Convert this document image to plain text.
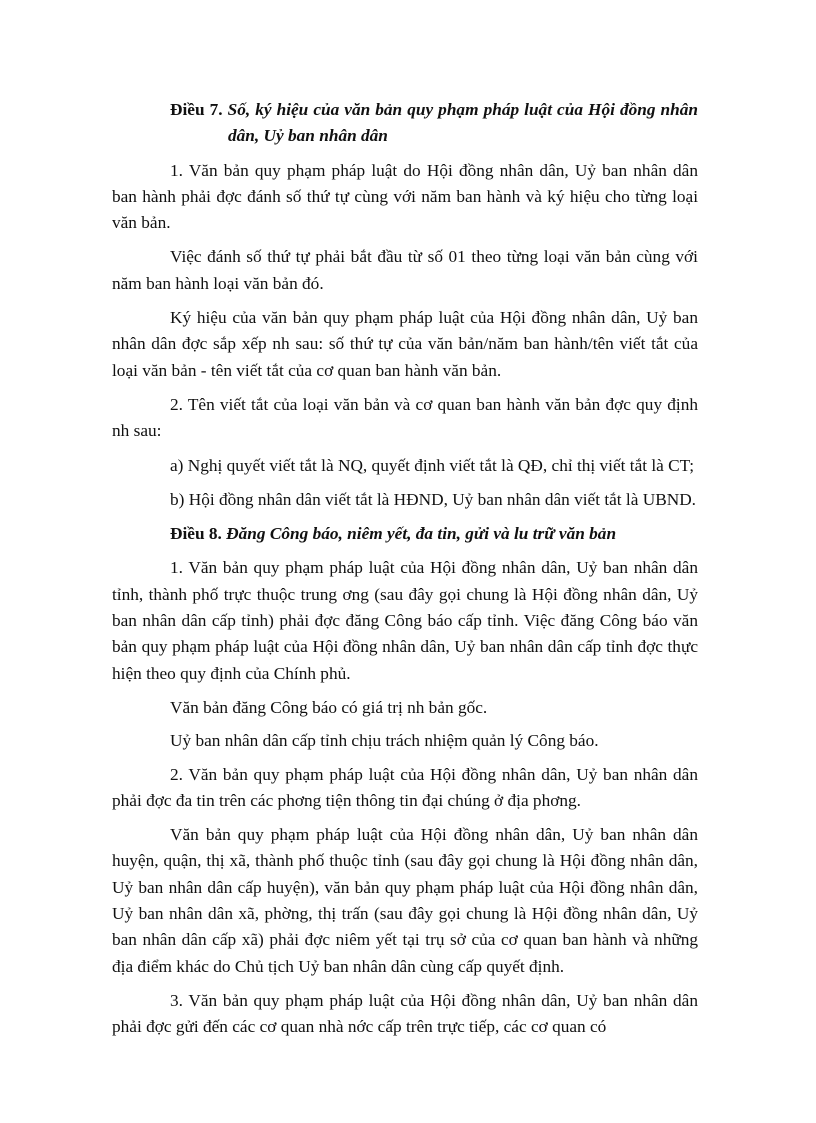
Điều 7. Số, ký hiệu của văn bản quy phạm pháp luật của Hội đồng nhân dân, Uỷ ban nhân dân

1. Văn bản quy phạm pháp luật do Hội đồng nhân dân, Uỷ ban nhân dân ban hành phải đợc đánh số thứ tự cùng với năm ban hành và ký hiệu cho từng loại văn bản.

Việc đánh số thứ tự phải bắt đầu từ số 01 theo từng loại văn bản cùng với năm ban hành loại văn bản đó.

Ký hiệu của văn bản quy phạm pháp luật của Hội đồng nhân dân, Uỷ ban nhân dân đợc sắp xếp nh sau: số thứ tự của văn bản/năm ban hành/tên viết tắt của loại văn bản - tên viết tắt của cơ quan ban hành văn bản.

2. Tên viết tắt của loại văn bản và cơ quan ban hành văn bản đợc quy định nh sau:

a) Nghị quyết viết tắt là NQ, quyết định viết tắt là QĐ, chỉ thị viết tắt là CT;

b) Hội đồng nhân dân viết tắt là HĐND, Uỷ ban nhân dân viết tắt là UBND.

Điều 8. Đăng Công báo, niêm yết, đa tin, gửi và lu trữ văn bản

1. Văn bản quy phạm pháp luật của Hội đồng nhân dân, Uỷ ban nhân dân tỉnh, thành phố trực thuộc trung ơng (sau đây gọi chung là Hội đồng nhân dân, Uỷ ban nhân dân cấp tỉnh) phải đợc đăng Công báo cấp tỉnh. Việc đăng Công báo văn bản quy phạm pháp luật của Hội đồng nhân dân, Uỷ ban nhân dân cấp tỉnh đợc thực hiện theo quy định của Chính phủ.

Văn bản đăng Công báo có giá trị nh bản gốc.

Uỷ ban nhân dân cấp tỉnh chịu trách nhiệm quản lý Công báo.

2. Văn bản quy phạm pháp luật của Hội đồng nhân dân, Uỷ ban nhân dân phải đợc đa tin trên các phơng tiện thông tin đại chúng ở địa phơng.

Văn bản quy phạm pháp luật của Hội đồng nhân dân, Uỷ ban nhân dân huyện, quận, thị xã, thành phố thuộc tỉnh (sau đây gọi chung là Hội đồng nhân dân, Uỷ ban nhân dân cấp huyện), văn bản quy phạm pháp luật của Hội đồng nhân dân, Uỷ ban nhân dân xã, phờng, thị trấn (sau đây gọi chung là Hội đồng nhân dân, Uỷ ban nhân dân cấp xã) phải đợc niêm yết tại trụ sở của cơ quan ban hành và những địa điểm khác do Chủ tịch Uỷ ban nhân dân cùng cấp quyết định.

3. Văn bản quy phạm pháp luật của Hội đồng nhân dân, Uỷ ban nhân dân phải đợc gửi đến các cơ quan nhà nớc cấp trên trực tiếp, các cơ quan có
